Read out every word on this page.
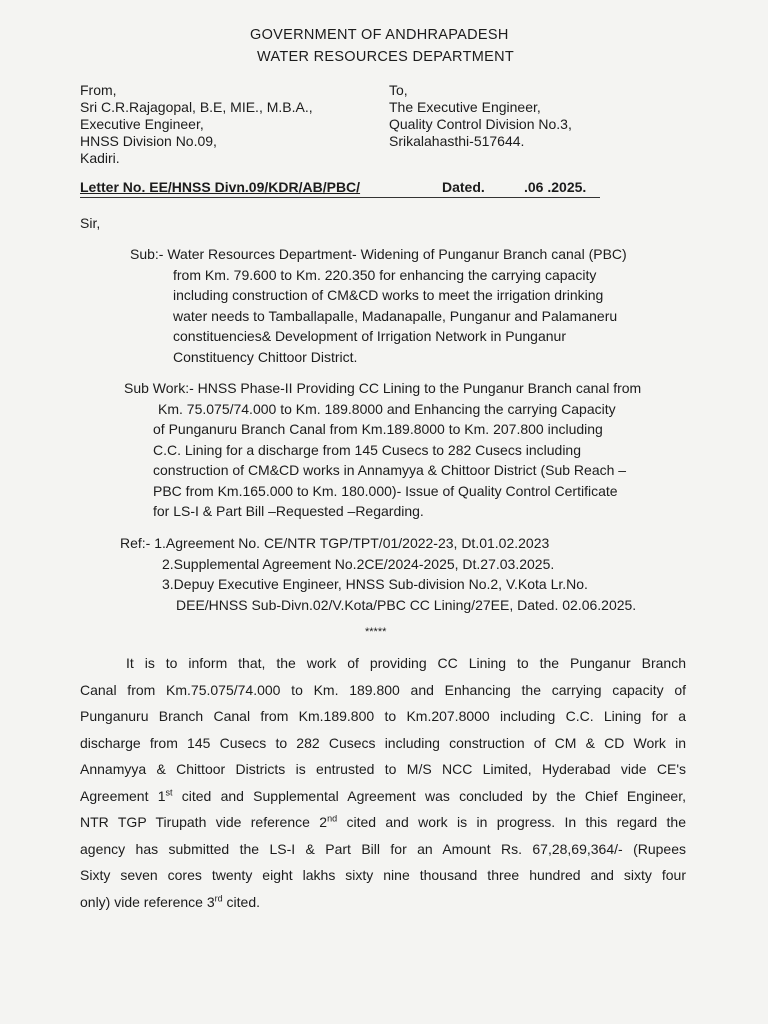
GOVERNMENT OF ANDHRAPADESH
WATER RESOURCES DEPARTMENT
From,
Sri C.R.Rajagopal, B.E, MIE., M.B.A.,
Executive Engineer,
HNSS Division No.09,
Kadiri.
To,
The Executive Engineer,
Quality Control Division No.3,
Srikalahasthi-517644.
Letter No. EE/HNSS Divn.09/KDR/AB/PBC/	Dated.	.06 .2025.
Sir,
Sub:- Water Resources Department- Widening of Punganur Branch canal (PBC)
from Km. 79.600 to Km. 220.350 for enhancing the carrying capacity
including construction of CM&CD works to meet the irrigation drinking
water needs to Tamballapalle, Madanapalle, Punganur and Palamaneru
constituencies& Development of Irrigation Network in Punganur
Constituency Chittoor District.
Sub Work:- HNSS Phase-II Providing CC Lining to the Punganur Branch canal from
Km. 75.075/74.000 to Km. 189.8000 and Enhancing the carrying Capacity
of Punganuru Branch Canal from Km.189.8000 to Km. 207.800 including
C.C. Lining for a discharge from 145 Cusecs to 282 Cusecs including
construction of CM&CD works in Annamyya & Chittoor District (Sub Reach –
PBC from Km.165.000 to Km. 180.000)- Issue of Quality Control Certificate
for LS-I & Part Bill –Requested –Regarding.
Ref:- 1.Agreement No. CE/NTR TGP/TPT/01/2022-23, Dt.01.02.2023
2.Supplemental Agreement No.2CE/2024-2025, Dt.27.03.2025.
3.Depuy Executive Engineer, HNSS Sub-division No.2, V.Kota Lr.No.
DEE/HNSS Sub-Divn.02/V.Kota/PBC CC Lining/27EE, Dated. 02.06.2025.
*****
It is to inform that, the work of providing CC Lining to the Punganur Branch
Canal from Km.75.075/74.000 to Km. 189.800 and Enhancing the carrying capacity of
Punganuru Branch Canal from Km.189.800 to Km.207.8000 including C.C. Lining for a
discharge from 145 Cusecs to 282 Cusecs including construction of CM & CD Work in
Annamyya & Chittoor Districts is entrusted to M/S NCC Limited, Hyderabad vide CE's
Agreement 1st cited and Supplemental Agreement was concluded by the Chief Engineer,
NTR TGP Tirupath vide reference 2nd cited and work is in progress. In this regard the
agency has submitted the LS-I & Part Bill for an Amount Rs. 67,28,69,364/- (Rupees
Sixty seven cores twenty eight lakhs sixty nine thousand three hundred and sixty four
only) vide reference 3rd cited.
